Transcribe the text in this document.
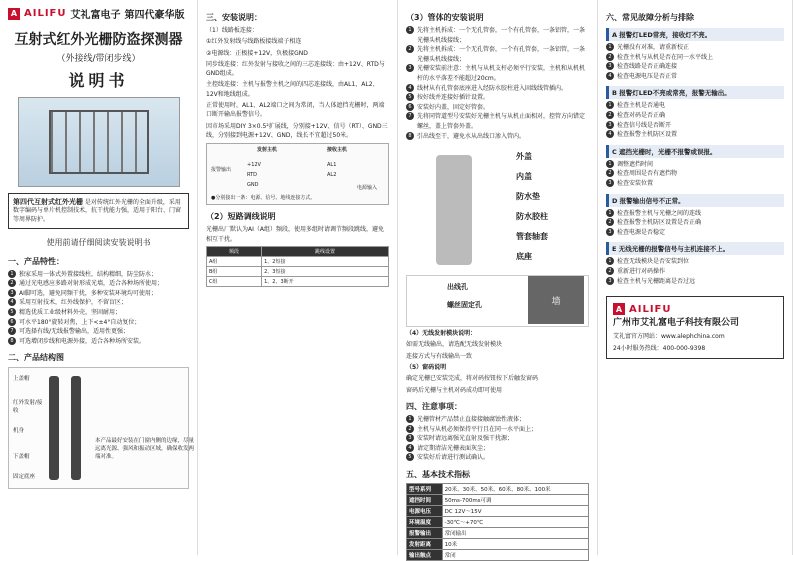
A AILIFU 艾礼富电子 第四代豪华版
互射式红外光栅防盗探测器
（外接线/带闭步线）
说明书
第四代互射式红外光栅 是对传统红外光栅的全面升级，采用数字编码与单片机控制技术，抗干扰能力强，适用于阳台、门窗等周界防护。
使用前请仔细阅读安装说明书
一、产品特性：
1 独家采用一体式外置接线柱，结构精细，防尘防水；
2 通过光电感应多路对射形成光墙，适合各种场所使用；
3 AI脚可选，避免同频干扰，多种安装环境均可使用；
4 采用互射技术，红外线保护，不留盲区；
5 精选优质工业级材料外壳，坚固耐用；
6 可水平180°旋转对焦，上下<±4°自动复位；
7 可选择有线/无线报警输出，适用性更强；
8 可选增闭步线和电源外接，适合各种场所安装。
二、产品结构图
上盖帽
红外发射/接收
机身
下盖帽
固定底座
本产品最好安装在门窗内侧的边缘，尽量远离光源、强风和振动区域，确保收发两端对准。
三、安装说明：
（1）线路板连接：
①红外发射线与线路板接线端子相连
②电源线：正极接+12V，负极接GND
同步线连接：红外发射与接收之间的三芯连接线：由+12V、RTD与GND组成。
主控线连接：主机与报警主机之间的四芯连接线，由AL1、AL2、12V和地线组成。
正常使用时，AL1、AL2端口之间为常闭，当人体遮挡光栅时，两端口断开输出报警信号。
因市场采用DIY 3×0.5²扩展线，分别接+12V、信号（RT）、GND三线，分别接到电源+12V、GND，线长不宜超过50米。
发射主机	接收主机
+12V
RTD
GND
AL1
AL2
报警输出
电源输入
●分别接出一条：电源、信号、地线连接方式。
（2）短路调线说明
光栅出厂默认为AI（A组）频段，使用多组时请调节频段跳线，避免相互干扰。
频段	跳线设置
A组	1、2短接
B组	2、3短接
C组	1、2、3断开
（3）管体的安装说明
1 先将主机拆成：一个无孔管套，一个有孔管套，一条铝管，一条光栅头机线接线；
2 先将主机拆成：一个无孔管套，一个有孔管套，一条铝管，一条光栅头机线接线；
3 光栅安装前注意：主机与从机支杆必须平行安装，主机和从机机杆的水平落差不能超过20cm。
4 线材从有孔管套底座进入经防水胶柱进入固线线管插内。
5 按好线并连接好插针设置。
6 安装好内盖，固定好管套。
7 先将同管道型号安装好光栅主机与从机止面相对，控管方向错定螺丝，盖上管套外盖。
8 引出线至干，避免水从出线口渗入管内。
外盖
内盖
防水垫
防水胶柱
管套轴套
底座
出线孔
螺丝固定孔	墙
（4）无线发射模块说明：
如需无线输出，请选配无线发射模块
连接方式与有线输出一致
（5）窗码说明
确定光栅已安装完成，将对码按钮按下后触发窗码
窗码后光栅与主机对码成功即可使用
四、注意事项：
1 光栅管材产品禁止直接接触腐蚀性液体；
2 主机与从机必须保持平行且在同一水平面上；
3 安装时请远离强光直射及强干扰源；
4 请定期清洁光栅表面灰尘；
5 安装好后请进行测试确认。
五、基本技术指标
型号系列	20米、30米、50米、60米、80米、100米
遮挡时间	50ms-700ms可调
电源电压	DC 12V～15V
环境温度	-30℃～+70℃
报警输出	常闭输出
发射距离	10米
输出触点	常闭
六、常见故障分析与排除
A 报警灯LED常亮，接收灯不亮。
1 光栅没有对准，请重新校正
2 检查主机与从机是否在同一水平线上
3 检查线路是否正确连接
4 检查电源电压是否正常
B 报警灯LED不亮或常亮，报警无输出。
1 检查主机是否通电
2 检查对码是否正确
3 检查信号线是否断开
4 检查报警主机防区设置
C 遮挡光栅时，光栅不报警或误报。
1 调整遮挡时间
2 检查周围是否有遮挡物
3 检查安装位置
D 报警输出信号不正常。
1 检查报警主机与光栅之间的连线
2 检查报警主机防区设置是否正确
3 检查电源是否稳定
E 无线光栅的报警信号与主机连接不上。
1 检查无线模块是否安装到位
2 重新进行对码操作
3 检查主机与光栅距离是否过远
A AILIFU
广州市艾礼富电子科技有限公司
艾礼富官方网站：www.alephchina.com
24小时服务热线：400-000-9398
